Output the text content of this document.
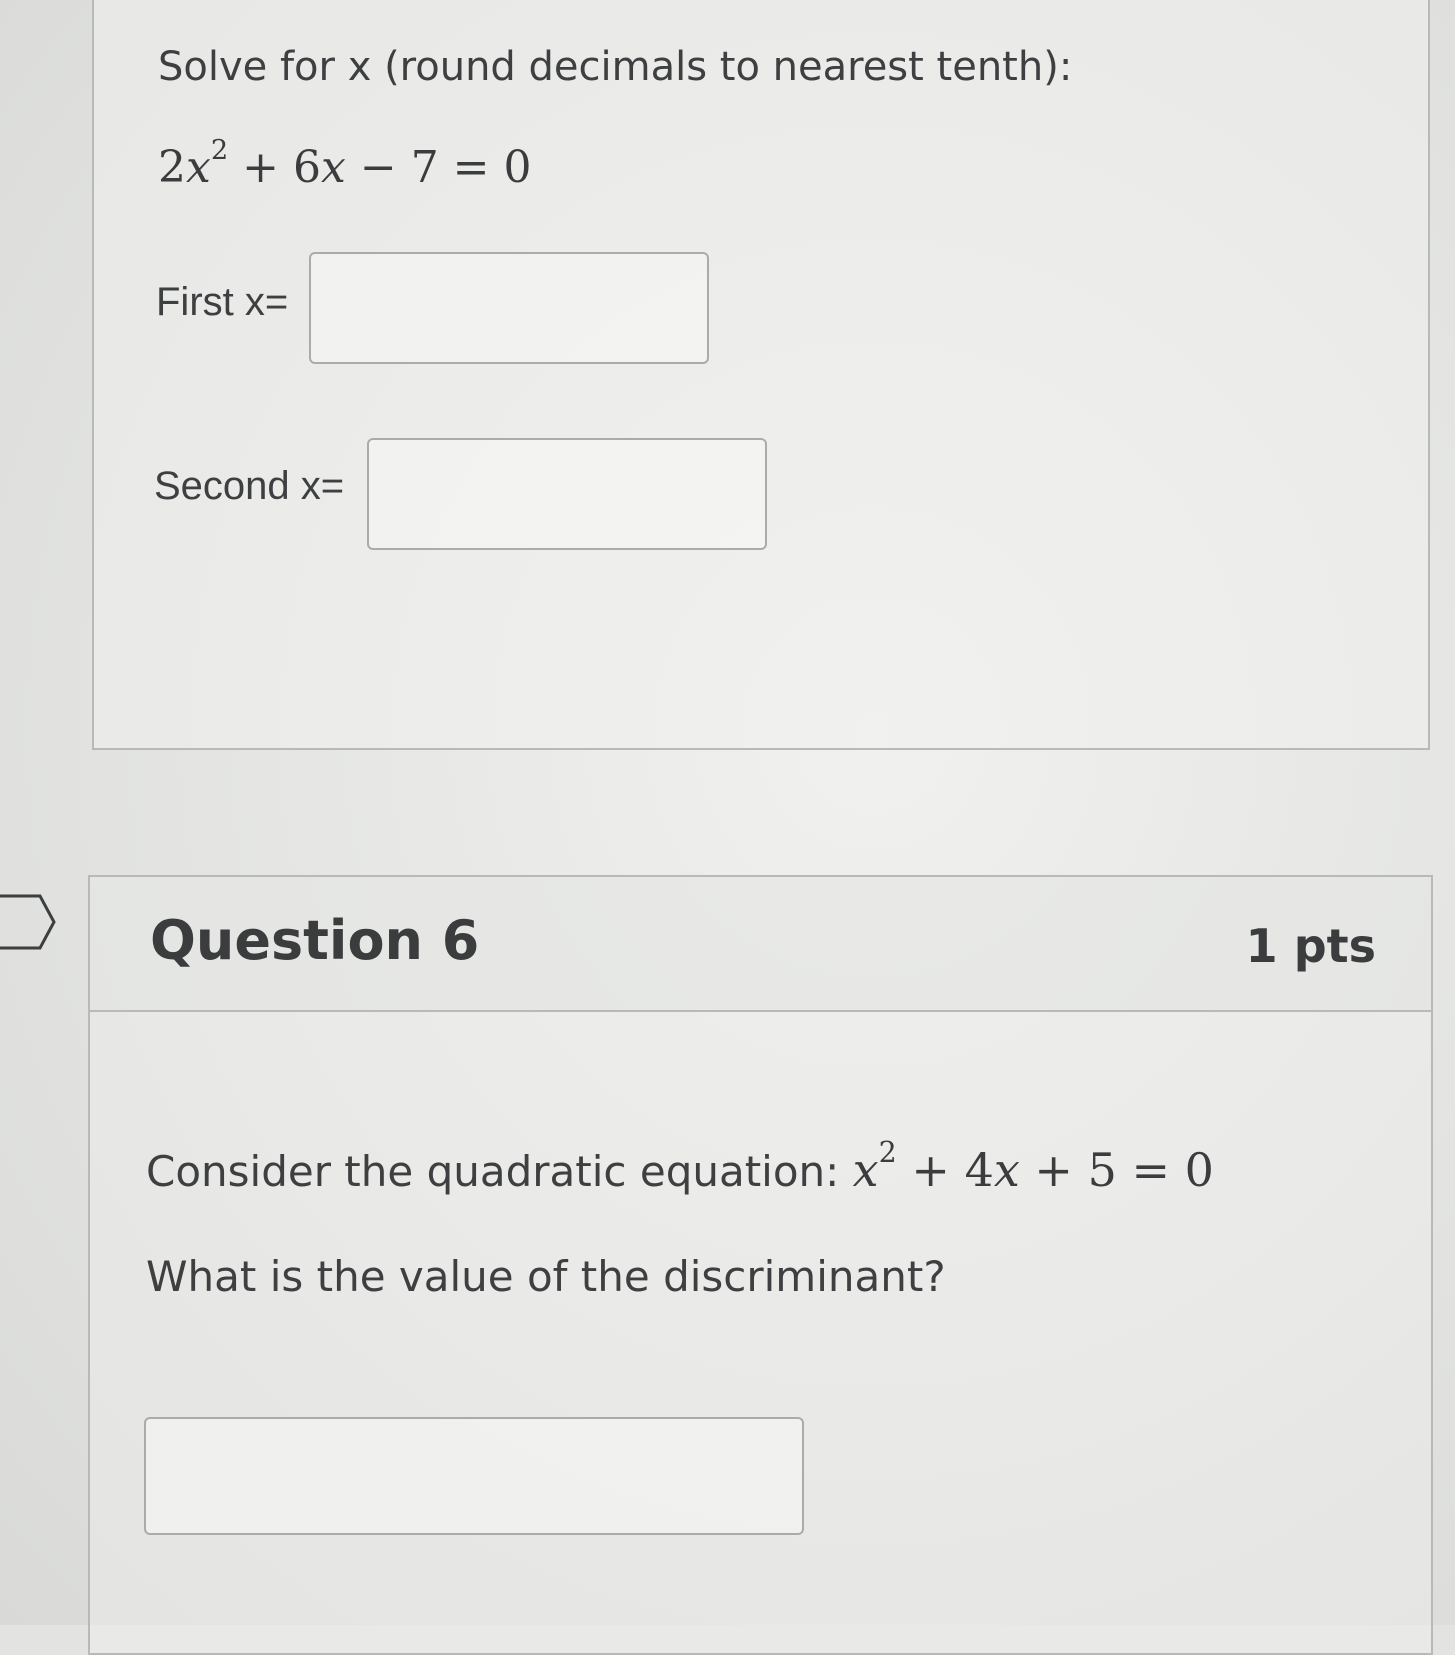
Solve for x (round decimals to nearest tenth):
$2x^2 + 6x - 7 = 0$
First x=
Second x=
Question 6	1 pts
Consider the quadratic equation: $x^2 + 4x + 5 = 0$
What is the value of the discriminant?
